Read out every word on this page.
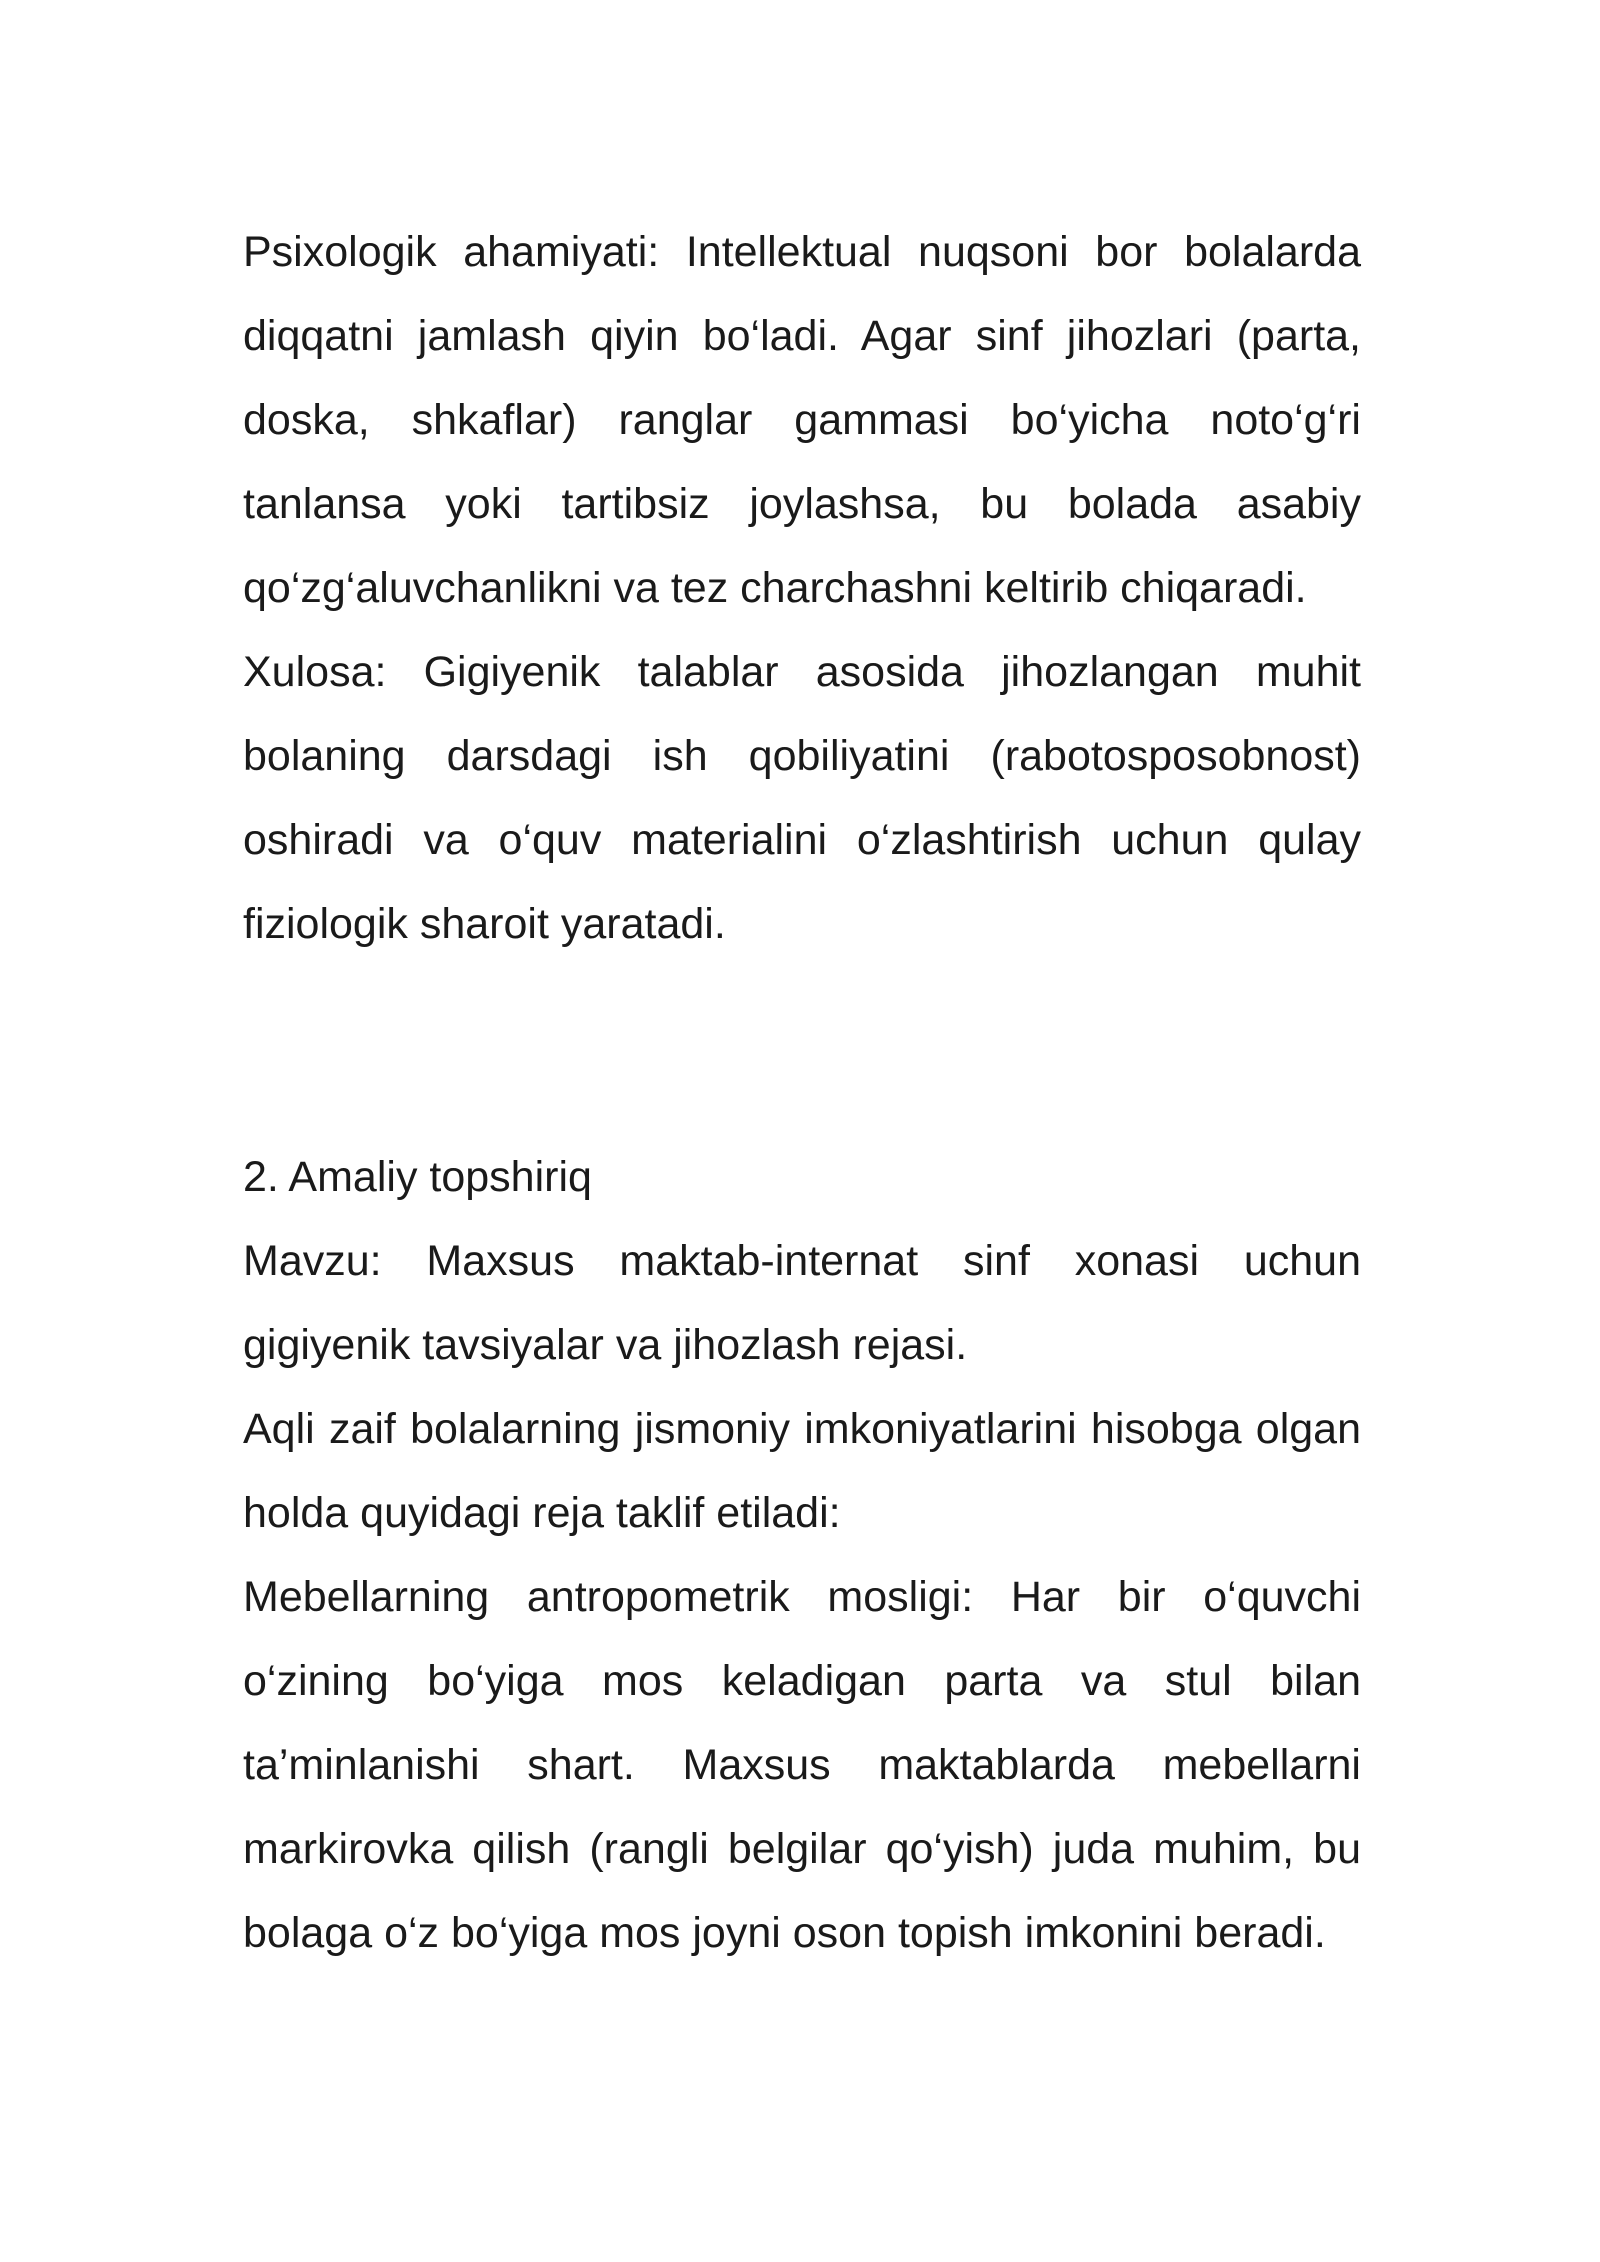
Psixologik ahamiyati: Intellektual nuqsoni bor bolalarda diqqatni jamlash qiyin bo‘ladi. Agar sinf jihozlari (parta, doska, shkaflar) ranglar gammasi bo‘yicha noto‘g‘ri tanlansa yoki tartibsiz joylashsa, bu bolada asabiy qo‘zg‘aluvchanlikni va tez charchashni keltirib chiqaradi.

Xulosa: Gigiyenik talablar asosida jihozlangan muhit bolaning darsdagi ish qobiliyatini (rabotosposobnost) oshiradi va o‘quv materialini o‘zlashtirish uchun qulay fiziologik sharoit yaratadi.

2. Amaliy topshiriq

Mavzu: Maxsus maktab-internat sinf xonasi uchun gigiyenik tavsiyalar va jihozlash rejasi.

Aqli zaif bolalarning jismoniy imkoniyatlarini hisobga olgan holda quyidagi reja taklif etiladi:

Mebellarning antropometrik mosligi: Har bir o‘quvchi o‘zining bo‘yiga mos keladigan parta va stul bilan ta’minlanishi shart. Maxsus maktablarda mebellarni markirovka qilish (rangli belgilar qo‘yish) juda muhim, bu bolaga o‘z bo‘yiga mos joyni oson topish imkonini beradi.
